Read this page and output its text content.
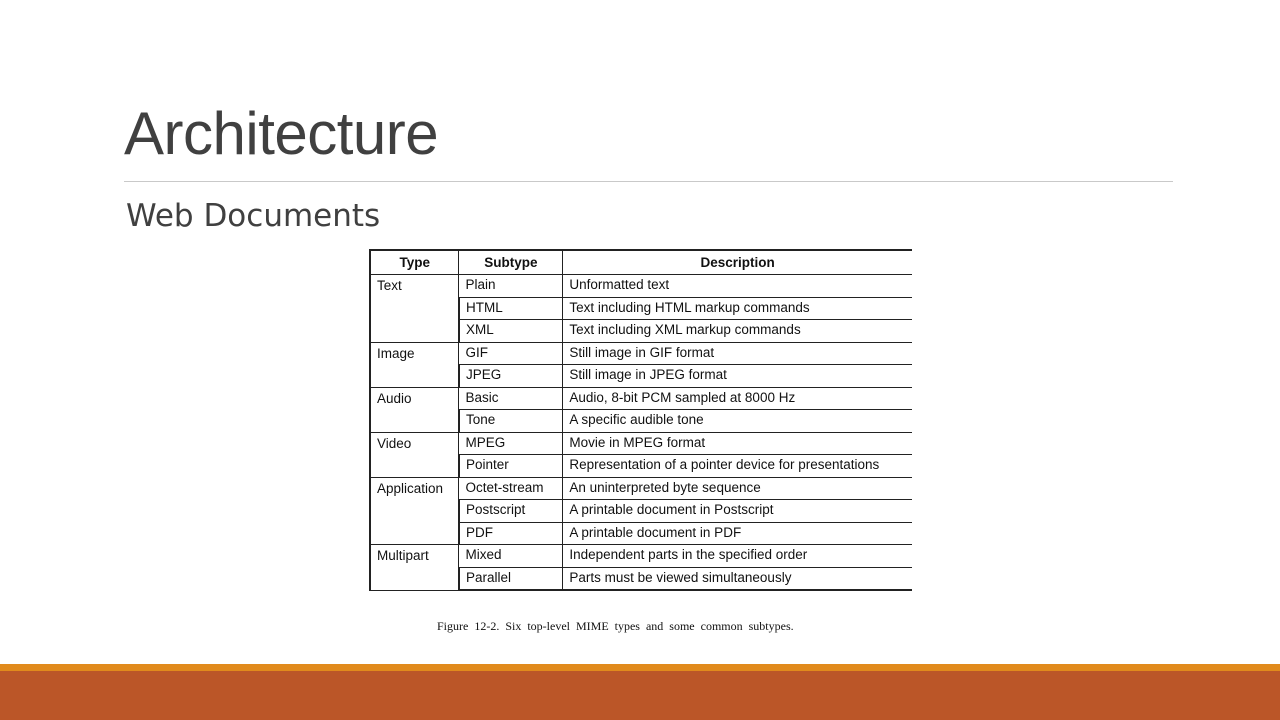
Architecture
Web Documents
Type	Subtype	Description
Text	Plain	Unformatted text
	HTML	Text including HTML markup commands
	XML	Text including XML markup commands
Image	GIF	Still image in GIF format
	JPEG	Still image in JPEG format
Audio	Basic	Audio, 8-bit PCM sampled at 8000 Hz
	Tone	A specific audible tone
Video	MPEG	Movie in MPEG format
	Pointer	Representation of a pointer device for presentations
Application	Octet-stream	An uninterpreted byte sequence
	Postscript	A printable document in Postscript
	PDF	A printable document in PDF
Multipart	Mixed	Independent parts in the specified order
	Parallel	Parts must be viewed simultaneously
Figure 12-2. Six top-level MIME types and some common subtypes.
